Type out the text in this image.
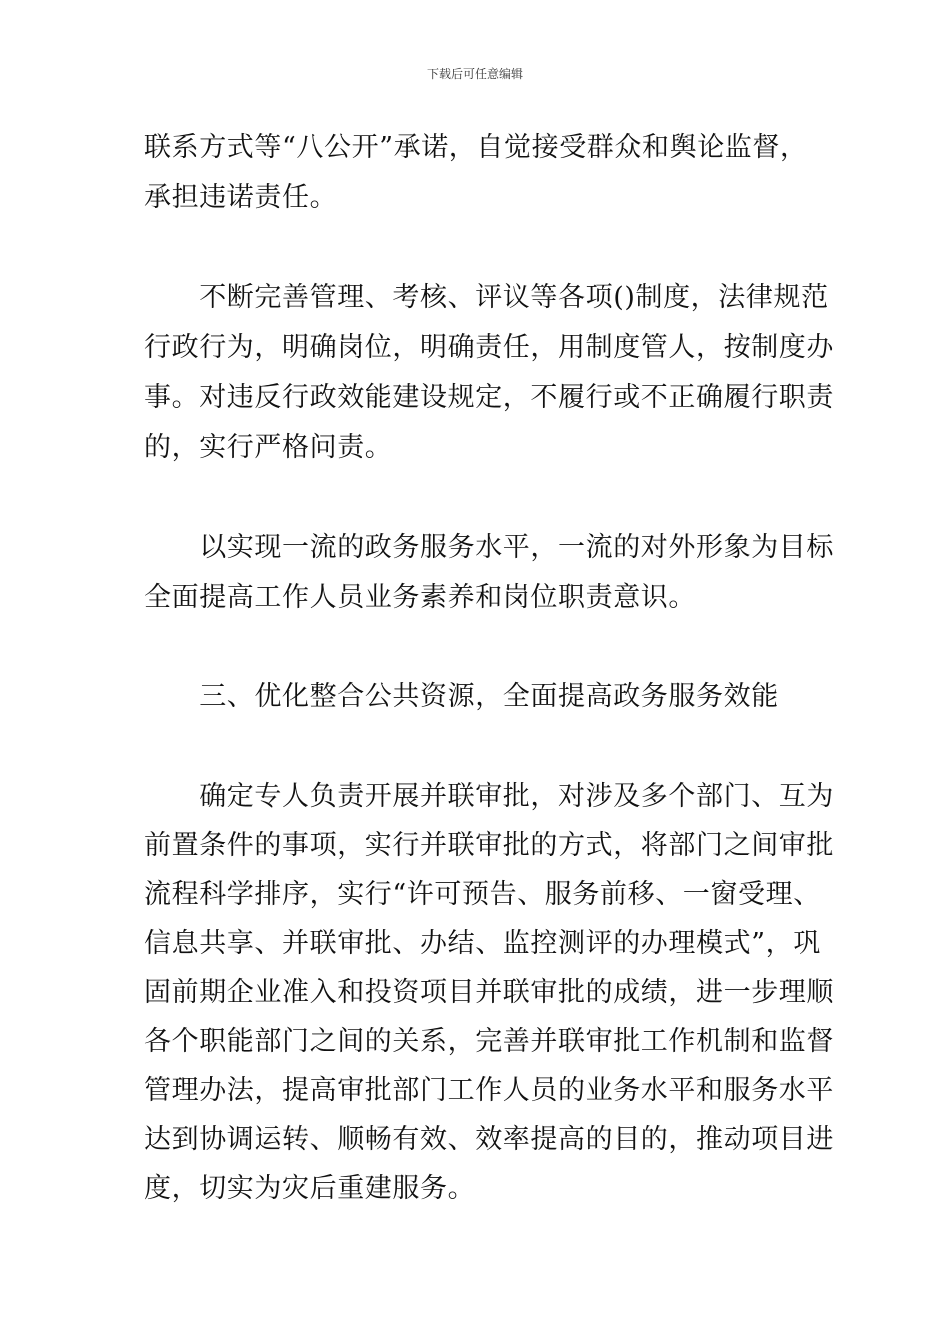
下载后可任意编辑
联系方式等“八公开”承诺，自觉接受群众和舆论监督，
承担违诺责任。
　　不断完善管理、考核、评议等各项()制度，法律规范
行政行为，明确岗位，明确责任，用制度管人，按制度办
事。对违反行政效能建设规定，不履行或不正确履行职责
的，实行严格问责。
　　以实现一流的政务服务水平，一流的对外形象为目标
全面提高工作人员业务素养和岗位职责意识。
　　三、优化整合公共资源，全面提高政务服务效能
　　确定专人负责开展并联审批，对涉及多个部门、互为
前置条件的事项，实行并联审批的方式，将部门之间审批
流程科学排序，实行“许可预告、服务前移、一窗受理、
信息共享、并联审批、办结、监控测评的办理模式”，巩
固前期企业准入和投资项目并联审批的成绩，进一步理顺
各个职能部门之间的关系，完善并联审批工作机制和监督
管理办法，提高审批部门工作人员的业务水平和服务水平
达到协调运转、顺畅有效、效率提高的目的，推动项目进
度，切实为灾后重建服务。
